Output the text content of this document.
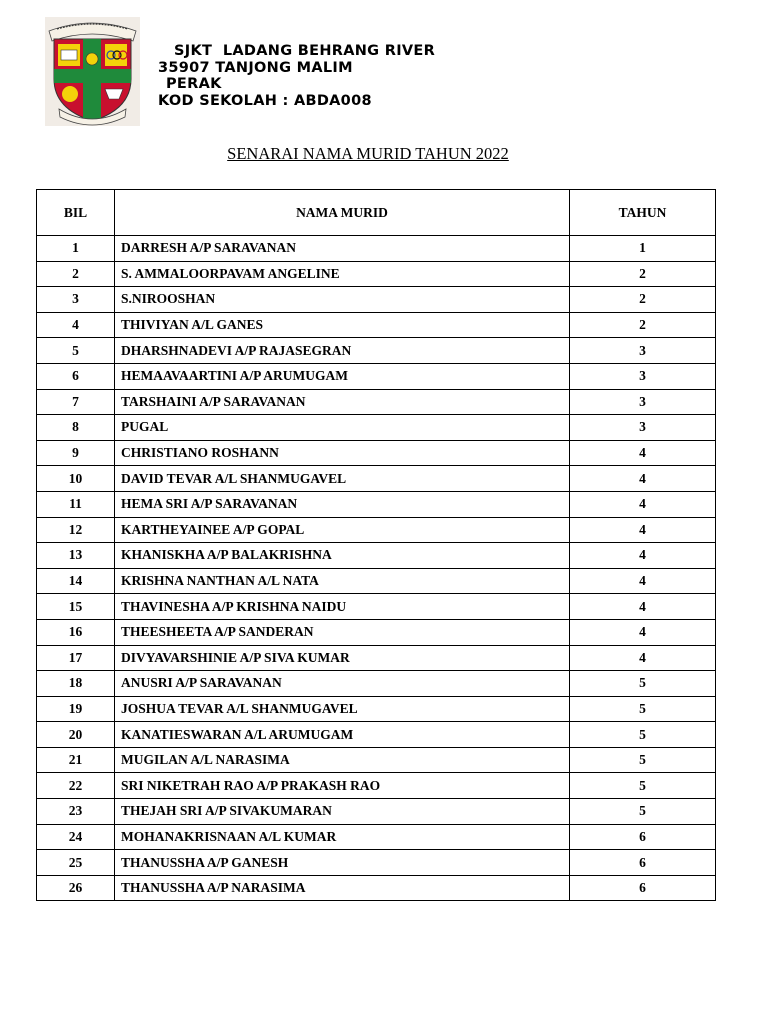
SJKT  LADANG BEHRANG RIVER
35907 TANJONG MALIM
PERAK
KOD SEKOLAH : ABDA008
SENARAI NAMA MURID TAHUN 2022
BIL	NAMA MURID	TAHUN
1	DARRESH A/P SARAVANAN	1
2	S. AMMALOORPAVAM ANGELINE	2
3	S.NIROOSHAN	2
4	THIVIYAN A/L GANES	2
5	DHARSHNADEVI A/P RAJASEGRAN	3
6	HEMAAVAARTINI A/P ARUMUGAM	3
7	TARSHAINI A/P SARAVANAN	3
8	PUGAL	3
9	CHRISTIANO ROSHANN	4
10	DAVID TEVAR A/L SHANMUGAVEL	4
11	HEMA SRI A/P SARAVANAN	4
12	KARTHEYAINEE A/P GOPAL	4
13	KHANISKHA A/P BALAKRISHNA	4
14	KRISHNA NANTHAN A/L NATA	4
15	THAVINESHA A/P KRISHNA NAIDU	4
16	THEESHEETA A/P SANDERAN	4
17	DIVYAVARSHINIE A/P SIVA KUMAR	4
18	ANUSRI A/P SARAVANAN	5
19	JOSHUA TEVAR A/L SHANMUGAVEL	5
20	KANATIESWARAN A/L ARUMUGAM	5
21	MUGILAN A/L NARASIMA	5
22	SRI NIKETRAH RAO A/P PRAKASH RAO	5
23	THEJAH SRI A/P SIVAKUMARAN	5
24	MOHANAKRISNAAN A/L KUMAR	6
25	THANUSSHA A/P GANESH	6
26	THANUSSHA A/P NARASIMA	6
